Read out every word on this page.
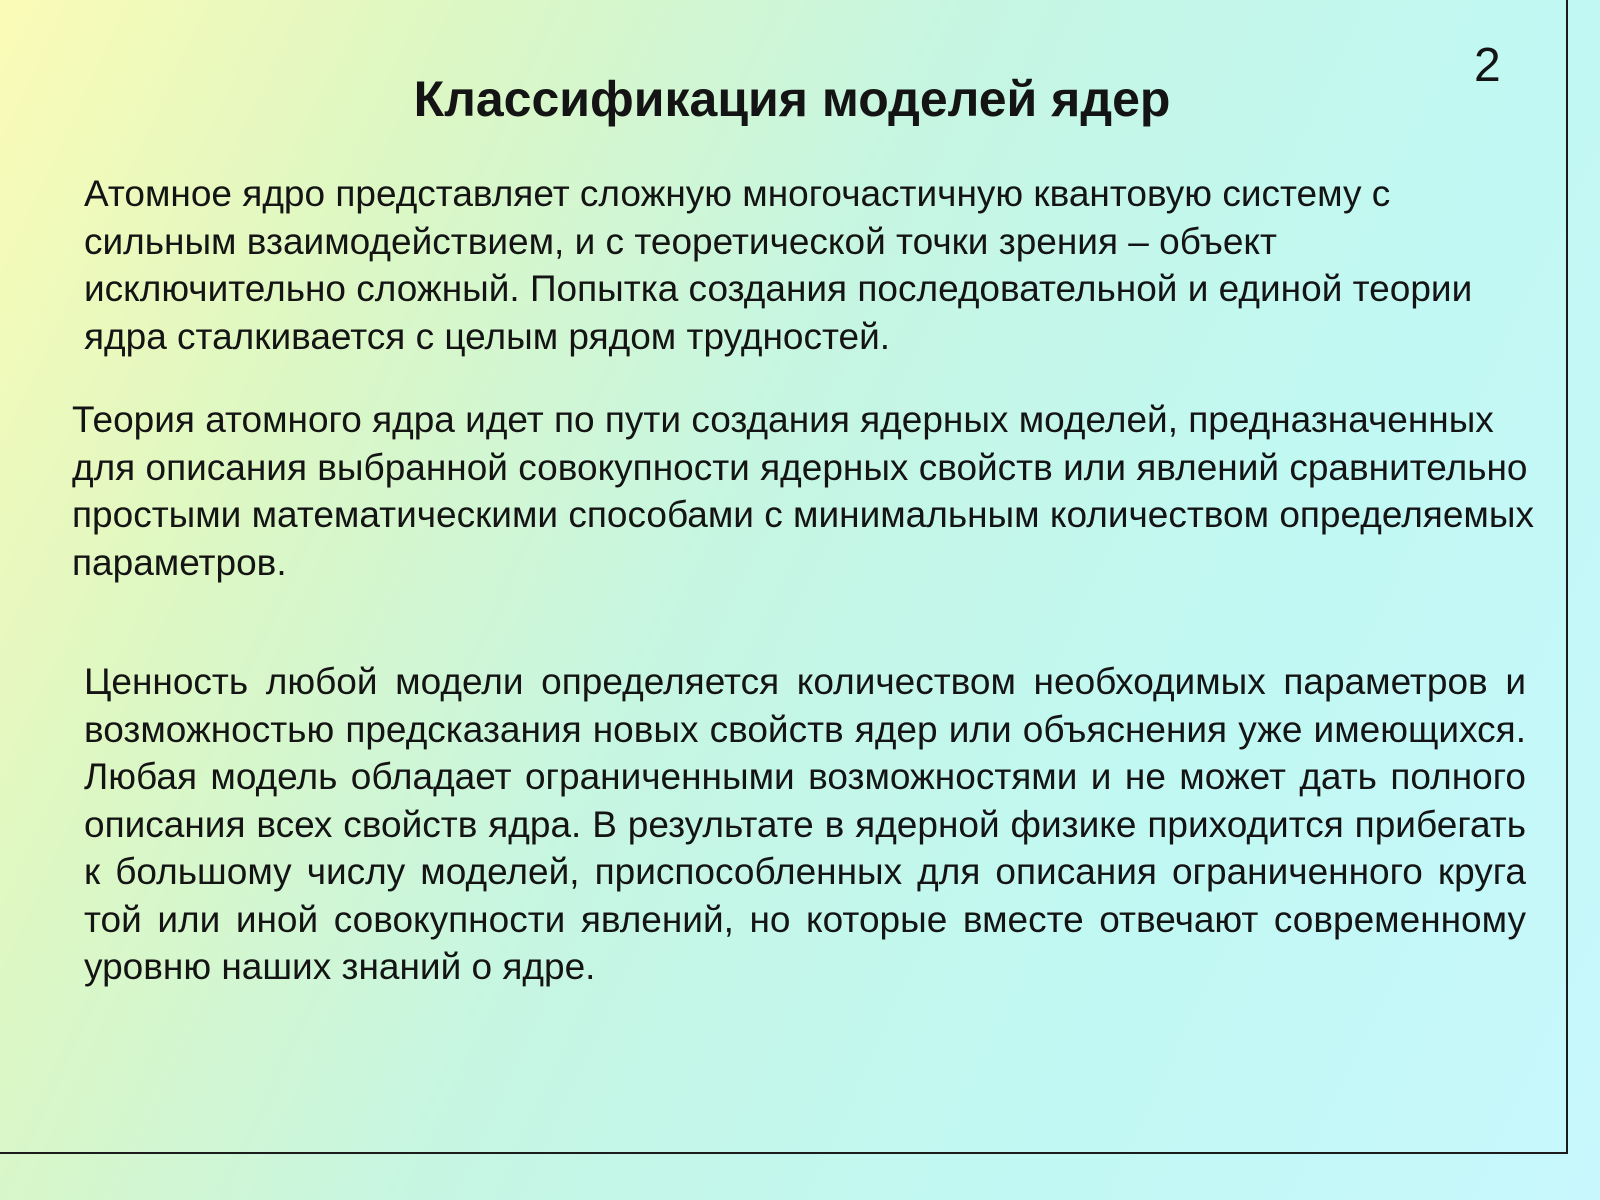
2
Классификация моделей ядер

Атомное ядро представляет сложную многочастичную квантовую систему с сильным взаимодействием, и с теоретической точки зрения – объект исключительно сложный. Попытка создания последовательной и единой теории ядра сталкивается с целым рядом трудностей.

Теория атомного ядра идет по пути создания ядерных моделей, предназначенных для описания выбранной совокупности ядерных свойств или явлений сравнительно простыми математическими способами с минимальным количеством определяемых параметров.

Ценность любой модели определяется количеством необходимых параметров и возможностью предсказания новых свойств ядер или объяснения уже имеющихся. Любая модель обладает ограниченными возможностями и не может дать полного описания всех свойств ядра. В результате в ядерной физике приходится прибегать к большому числу моделей, приспособленных для описания ограниченного круга той или иной совокупности явлений, но которые вместе отвечают современному уровню наших знаний о ядре.
